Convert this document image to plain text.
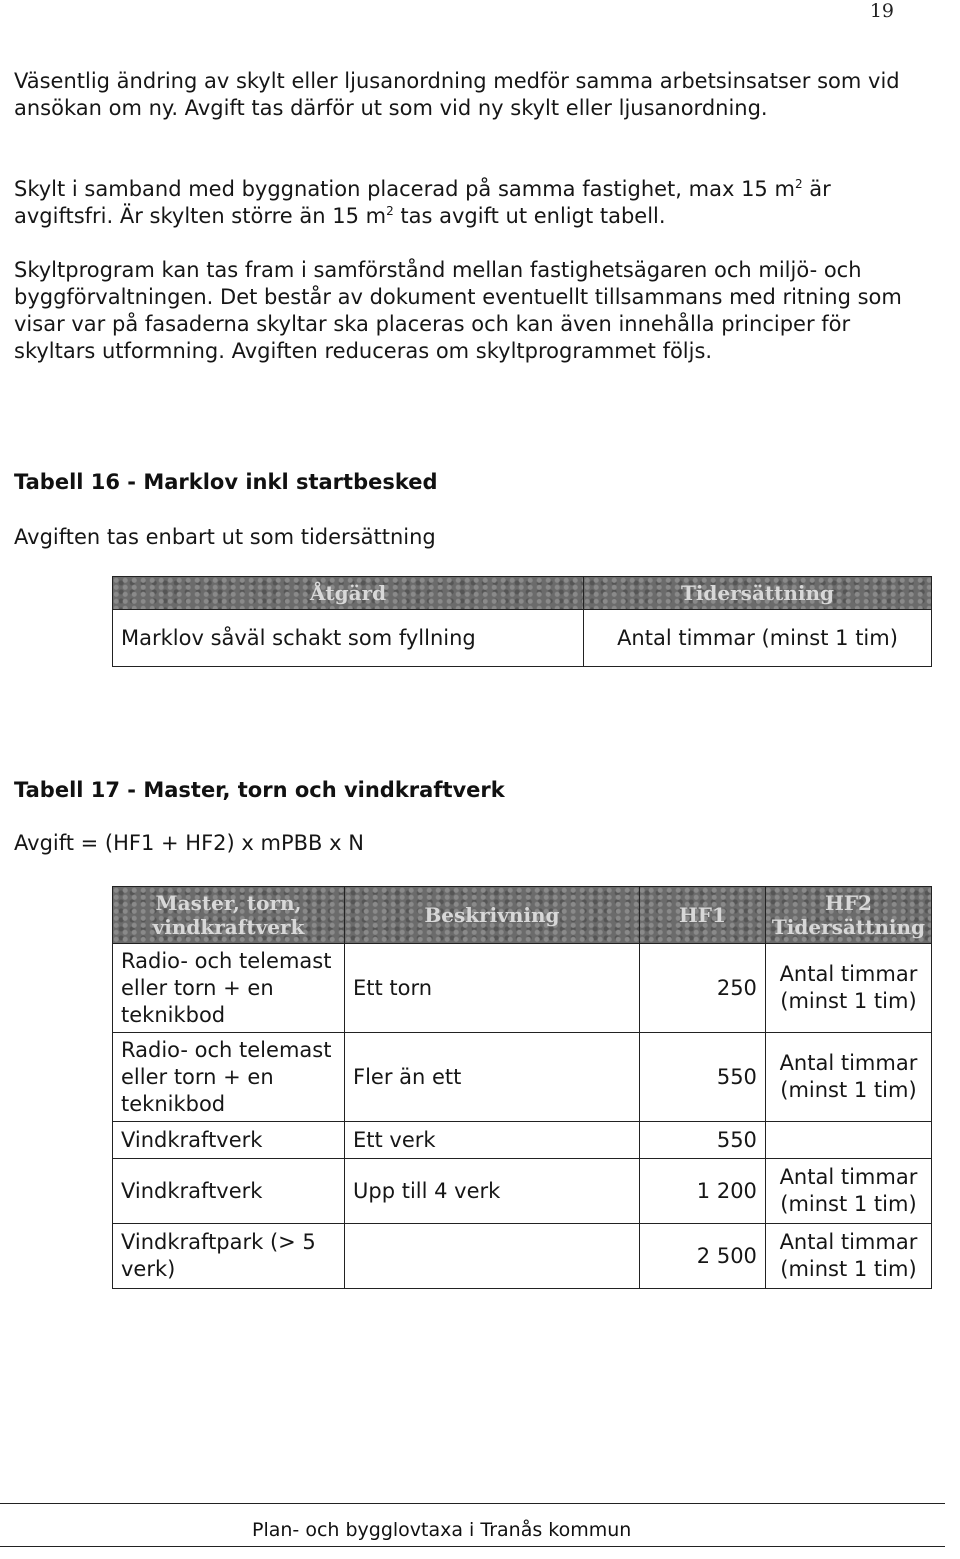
19

Väsentlig ändring av skylt eller ljusanordning medför samma arbetsinsatser som vid ansökan om ny. Avgift tas därför ut som vid ny skylt eller ljusanordning.

Skylt i samband med byggnation placerad på samma fastighet, max 15 $m^2$ är avgiftsfri. Är skylten större än 15 $m^2$ tas avgift ut enligt tabell.

Skyltprogram kan tas fram i samförstånd mellan fastighetsägaren och miljö- och byggförvaltningen. Det består av dokument eventuellt tillsammans med ritning som visar var på fasaderna skyltar ska placeras och kan även innehålla principer för skyltars utformning. Avgiften reduceras om skyltprogrammet följs.

Tabell 16 - Marklov inkl startbesked

Avgiften tas enbart ut som tidersättning

Åtgärd	Tidersättning
Marklov såväl schakt som fyllning	Antal timmar (minst 1 tim)
Tabell 17 - Master, torn och vindkraftverk

Avgift = (HF1 + HF2) x mPBB x N

Master, torn, vindkraftverk	Beskrivning	HF1	HF2 Tidersättning
Radio- och telemast eller torn + en teknikbod	Ett torn	250	Antal timmar (minst 1 tim)
Radio- och telemast eller torn + en teknikbod	Fler än ett	550	Antal timmar (minst 1 tim)
Vindkraftverk	Ett verk	550	
Vindkraftverk	Upp till 4 verk	1 200	Antal timmar (minst 1 tim)
Vindkraftpark (> 5 verk)		2 500	Antal timmar (minst 1 tim)
Plan- och bygglovtaxa i Tranås kommun
